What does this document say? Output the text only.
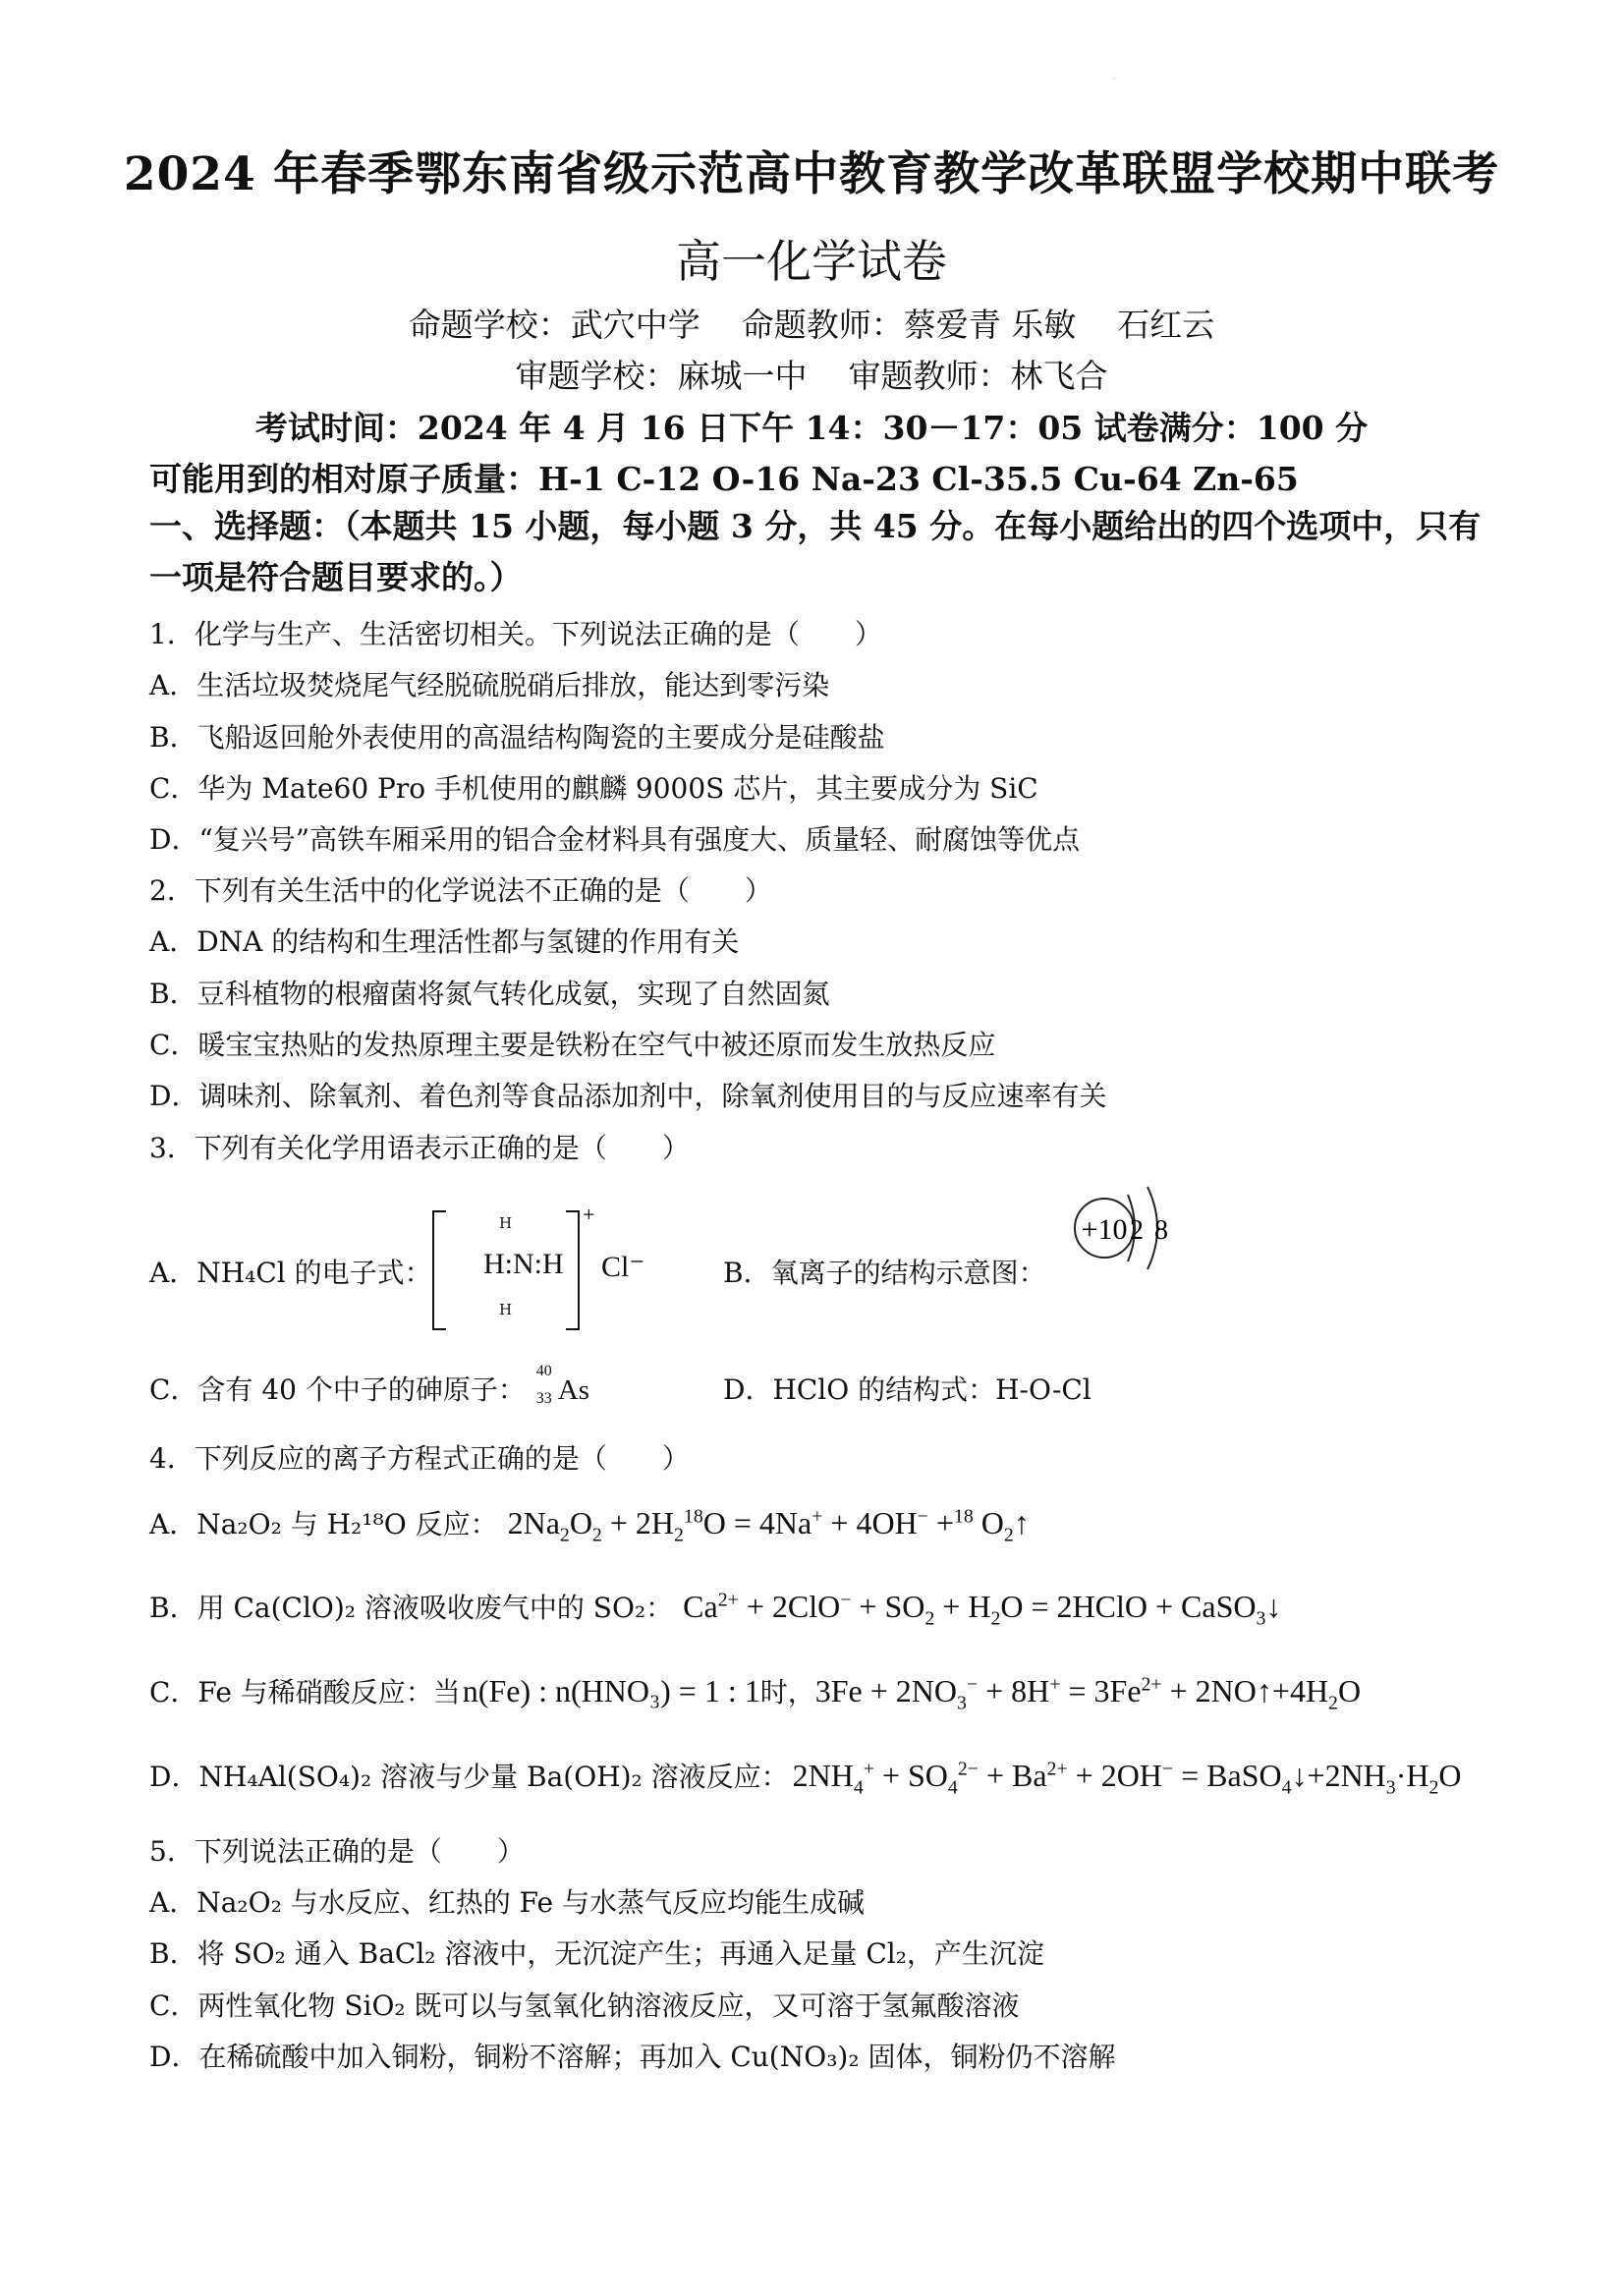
·
2024 年春季鄂东南省级示范高中教育教学改革联盟学校期中联考
高一化学试卷
命题学校：武穴中学 命题教师：蔡爱青 乐敏 石红云
审题学校：麻城一中 审题教师：林飞合
考试时间：2024 年 4 月 16 日下午 14：30－17：05 试卷满分：100 分
可能用到的相对原子质量：H-1 C-12 O-16 Na-23 Cl-35.5 Cu-64 Zn-65
一、选择题：（本题共 15 小题，每小题 3 分，共 45 分。在每小题给出的四个选项中，只有一项是符合题目要求的。）
1．化学与生产、生活密切相关。下列说法正确的是（　　）
A．生活垃圾焚烧尾气经脱硫脱硝后排放，能达到零污染
B．飞船返回舱外表使用的高温结构陶瓷的主要成分是硅酸盐
C．华为 Mate60 Pro 手机使用的麒麟 9000S 芯片，其主要成分为 SiC
D．“复兴号”高铁车厢采用的铝合金材料具有强度大、质量轻、耐腐蚀等优点
2．下列有关生活中的化学说法不正确的是（　　）
A．DNA 的结构和生理活性都与氢键的作用有关
B．豆科植物的根瘤菌将氮气转化成氨，实现了自然固氮
C．暖宝宝热贴的发热原理主要是铁粉在空气中被还原而发生放热反应
D．调味剂、除氧剂、着色剂等食品添加剂中，除氧剂使用目的与反应速率有关
3．下列有关化学用语表示正确的是（　　）
A．NH₄Cl 的电子式：
H
H:N:H
H
+
Cl⁻	B．氧离子的结构示意图：
+10 2 8
C．含有 40 个中子的砷原子：
40
33 As	D．HClO 的结构式：H-O-Cl
4．下列反应的离子方程式正确的是（　　）
A．Na₂O₂ 与 H₂¹⁸O 反应： $2Na_2O_2 + 2H_2^{18}O = 4Na^+ + 4OH^- +^{18}$ $O_2↑$
B．用 Ca(ClO)₂ 溶液吸收废气中的 SO₂： $Ca^{2+} + 2ClO^- + SO_2 + H_2O$ = 2HClO + CaSO$_3$↓
C．Fe 与稀硝酸反应：当n(Fe) : n(HNO₃) = 1 : 1时，$3Fe + 2NO_3^- + 8H^+ = 3Fe^{2+}$ + $2NO↑+4H_2O$
D．NH₄Al(SO₄)₂ 溶液与少量 Ba(OH)₂ 溶液反应： $2NH_4^+ + SO_4^{2-} + Ba^{2+} + 2OH^-$ = $BaSO_4↓+2NH_3\cdot H_2O$
5．下列说法正确的是（　　）
A．Na₂O₂ 与水反应、红热的 Fe 与水蒸气反应均能生成碱
B．将 SO₂ 通入 BaCl₂ 溶液中，无沉淀产生；再通入足量 Cl₂，产生沉淀
C．两性氧化物 SiO₂ 既可以与氢氧化钠溶液反应，又可溶于氢氟酸溶液
D．在稀硫酸中加入铜粉，铜粉不溶解；再加入 Cu(NO₃)₂ 固体，铜粉仍不溶解
